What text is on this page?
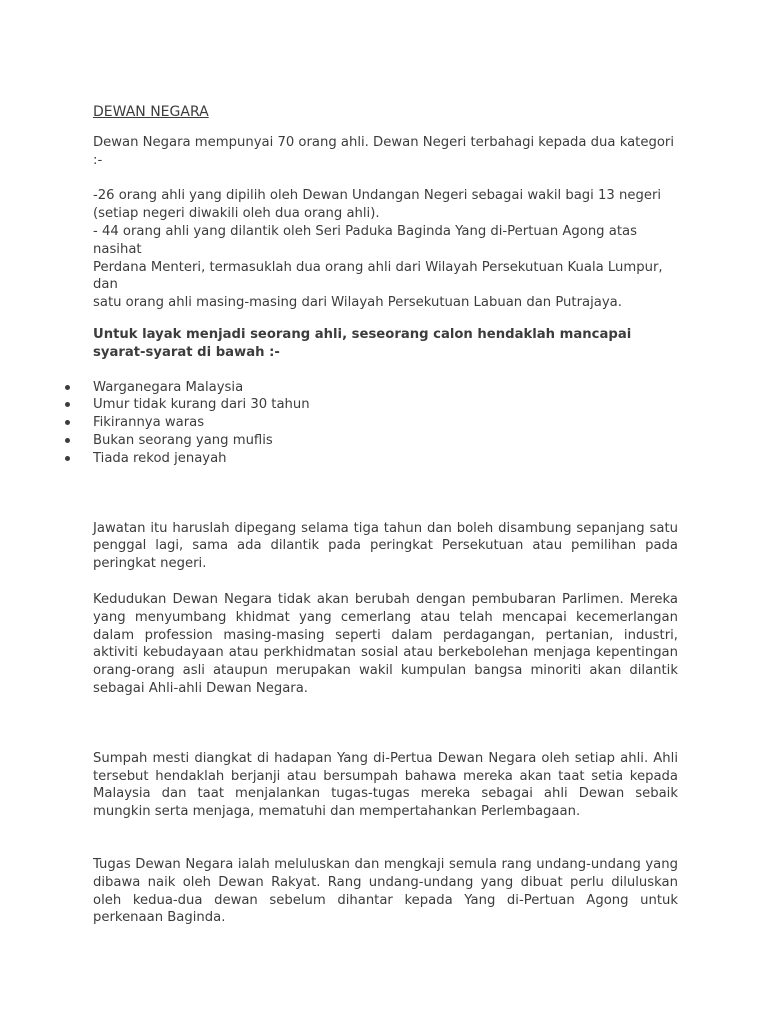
DEWAN NEGARA

Dewan Negara mempunyai 70 orang ahli. Dewan Negeri terbahagi kepada dua kategori :-

-26 orang ahli yang dipilih oleh Dewan Undangan Negeri sebagai wakil bagi 13 negeri

(setiap negeri diwakili oleh dua orang ahli).

- 44 orang ahli yang dilantik oleh Seri Paduka Baginda Yang di-Pertuan Agong atas nasihat

Perdana Menteri, termasuklah dua orang ahli dari Wilayah Persekutuan Kuala Lumpur, dan

satu orang ahli masing-masing dari Wilayah Persekutuan Labuan dan Putrajaya.

Untuk layak menjadi seorang ahli, seseorang calon hendaklah mancapai syarat-syarat di bawah :-

Warganegara Malaysia
Umur tidak kurang dari 30 tahun
Fikirannya waras
Bukan seorang yang muflis
Tiada rekod jenayah

Jawatan itu haruslah dipegang selama tiga tahun dan boleh disambung sepanjang satu penggal lagi, sama ada dilantik pada peringkat Persekutuan atau pemilihan pada peringkat negeri.

Kedudukan Dewan Negara tidak akan berubah dengan pembubaran Parlimen. Mereka yang menyumbang khidmat yang cemerlang atau telah mencapai kecemerlangan dalam profession masing-masing seperti dalam perdagangan, pertanian, industri, aktiviti kebudayaan atau perkhidmatan sosial atau berkebolehan menjaga kepentingan orang-orang asli ataupun merupakan wakil kumpulan bangsa minoriti akan dilantik sebagai Ahli-ahli Dewan Negara.

Sumpah mesti diangkat di hadapan Yang di-Pertua Dewan Negara oleh setiap ahli. Ahli tersebut hendaklah berjanji atau bersumpah bahawa mereka akan taat setia kepada Malaysia dan taat menjalankan tugas-tugas mereka sebagai ahli Dewan sebaik mungkin serta menjaga, mematuhi dan mempertahankan Perlembagaan.

Tugas Dewan Negara ialah meluluskan dan mengkaji semula rang undang-undang yang dibawa naik oleh Dewan Rakyat. Rang undang-undang yang dibuat perlu diluluskan oleh kedua-dua dewan sebelum dihantar kepada Yang di-Pertuan Agong untuk perkenaan Baginda.
